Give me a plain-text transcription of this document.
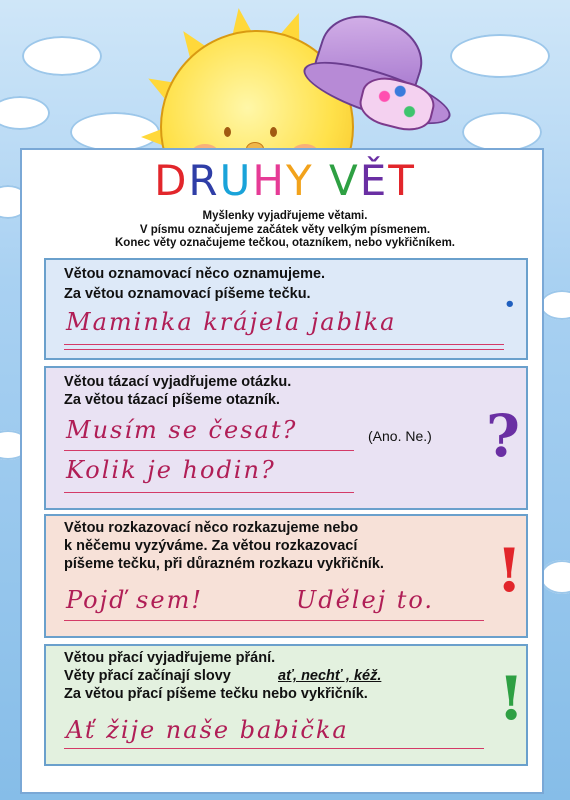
DRUHY VĚT
Myšlenky vyjadřujeme větami.
V písmu označujeme začátek věty velkým písmenem.
Konec věty označujeme tečkou, otazníkem, nebo vykřičníkem.
Větou oznamovací něco oznamujeme.
Za větou oznamovací píšeme tečku.
Maminka krájela jablka
•
Větou tázací vyjadřujeme otázku.
Za větou tázací píšeme otazník.
Musím se česat?	(Ano. Ne.)
Kolik je hodin?	?
Větou rozkazovací něco rozkazujeme nebo
k něčemu vyzýváme. Za větou rozkazovací
píšeme tečku, při důrazném rozkazu vykřičník.
Pojď sem!	Udělej to. !
Větou přací vyjadřujeme přání.
Věty přací začínají slovy	ať, nechť , kéž.
Za větou přací píšeme tečku nebo vykřičník.
Ať žije naše babička !
